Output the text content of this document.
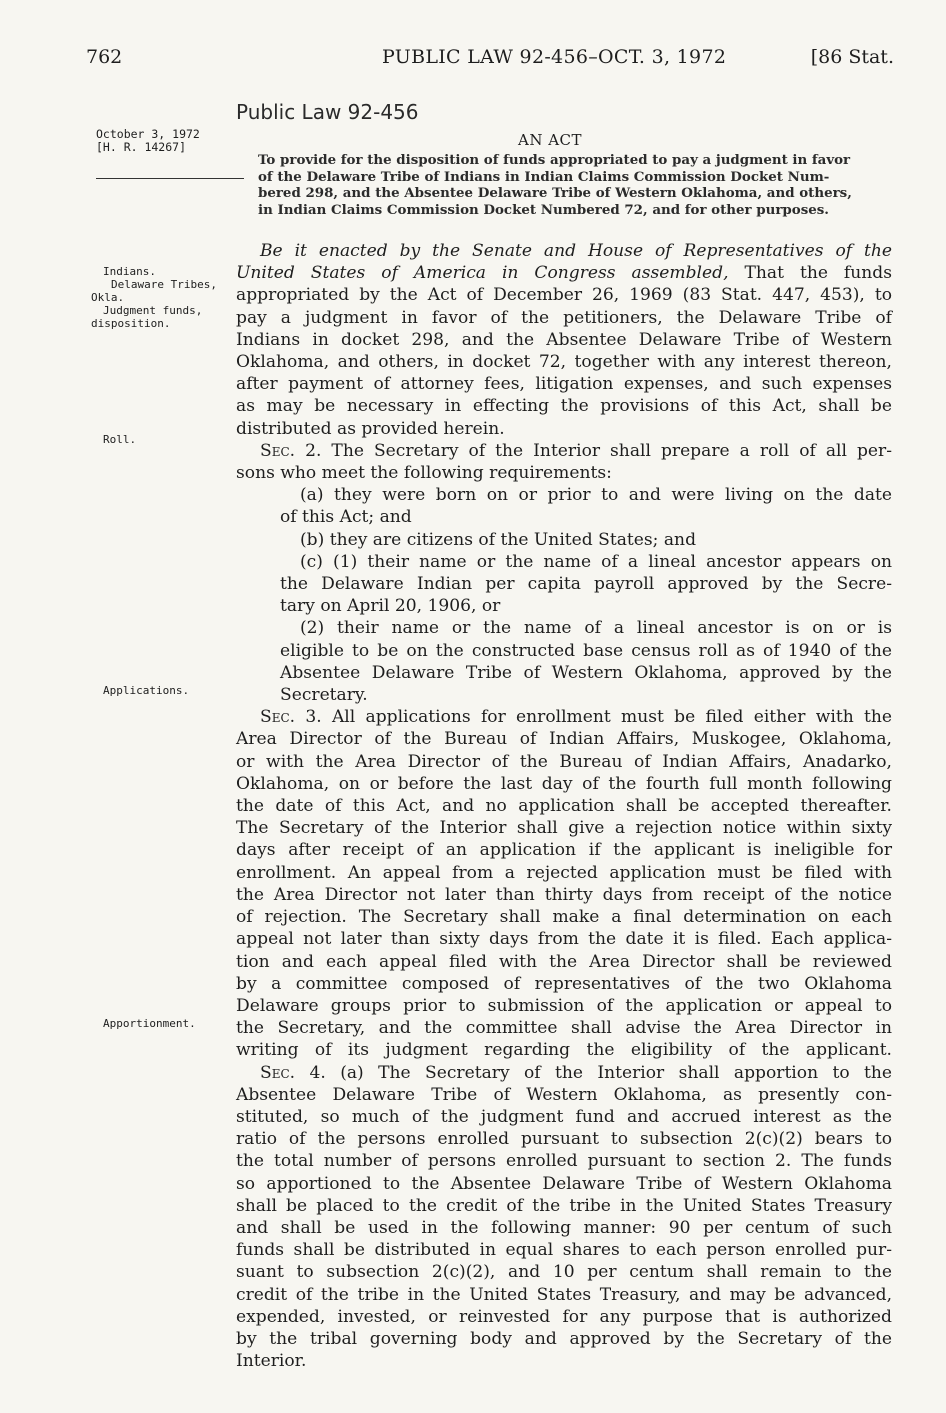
762	PUBLIC LAW 92-456–OCT. 3, 1972	[86 Stat.
Public Law 92-456
October 3, 1972
[H. R. 14267]	AN ACT
To provide for the disposition of funds appropriated to pay a judgment in favor of the Delaware Tribe of Indians in Indian Claims Commission Docket Num- bered 298, and the Absentee Delaware Tribe of Western Oklahoma, and others, in Indian Claims Commission Docket Numbered 72, and for other purposes.
Indians.
Delaware Tribes,
Okla.
Judgment funds,
disposition.
Roll.
Applications.
Apportionment.

Be it enacted by the Senate and House of Representatives of the
United States of America in Congress assembled, That the funds
appropriated by the Act of December 26, 1969 (83 Stat. 447, 453), to
pay a judgment in favor of the petitioners, the Delaware Tribe of
Indians in docket 298, and the Absentee Delaware Tribe of Western
Oklahoma, and others, in docket 72, together with any interest thereon,
after payment of attorney fees, litigation expenses, and such expenses
as may be necessary in effecting the provisions of this Act, shall be
distributed as provided herein.

Sec. 2. The Secretary of the Interior shall prepare a roll of all per-
sons who meet the following requirements:
(a) they were born on or prior to and were living on the date
of this Act; and
(b) they are citizens of the United States; and
(c) (1) their name or the name of a lineal ancestor appears on
the Delaware Indian per capita payroll approved by the Secre-
tary on April 20, 1906, or
(2) their name or the name of a lineal ancestor is on or is
eligible to be on the constructed base census roll as of 1940 of the
Absentee Delaware Tribe of Western Oklahoma, approved by the
Secretary.

Sec. 3. All applications for enrollment must be filed either with the
Area Director of the Bureau of Indian Affairs, Muskogee, Oklahoma,
or with the Area Director of the Bureau of Indian Affairs, Anadarko,
Oklahoma, on or before the last day of the fourth full month following
the date of this Act, and no application shall be accepted thereafter.
The Secretary of the Interior shall give a rejection notice within sixty
days after receipt of an application if the applicant is ineligible for
enrollment. An appeal from a rejected application must be filed with
the Area Director not later than thirty days from receipt of the notice
of rejection. The Secretary shall make a final determination on each
appeal not later than sixty days from the date it is filed. Each applica-
tion and each appeal filed with the Area Director shall be reviewed
by a committee composed of representatives of the two Oklahoma
Delaware groups prior to submission of the application or appeal to
the Secretary, and the committee shall advise the Area Director in
writing of its judgment regarding the eligibility of the applicant.

Sec. 4. (a) The Secretary of the Interior shall apportion to the
Absentee Delaware Tribe of Western Oklahoma, as presently con-
stituted, so much of the judgment fund and accrued interest as the
ratio of the persons enrolled pursuant to subsection 2(c)(2) bears to
the total number of persons enrolled pursuant to section 2. The funds
so apportioned to the Absentee Delaware Tribe of Western Oklahoma
shall be placed to the credit of the tribe in the United States Treasury
and shall be used in the following manner: 90 per centum of such
funds shall be distributed in equal shares to each person enrolled pur-
suant to subsection 2(c)(2), and 10 per centum shall remain to the
credit of the tribe in the United States Treasury, and may be advanced,
expended, invested, or reinvested for any purpose that is authorized
by the tribal governing body and approved by the Secretary of the
Interior.
